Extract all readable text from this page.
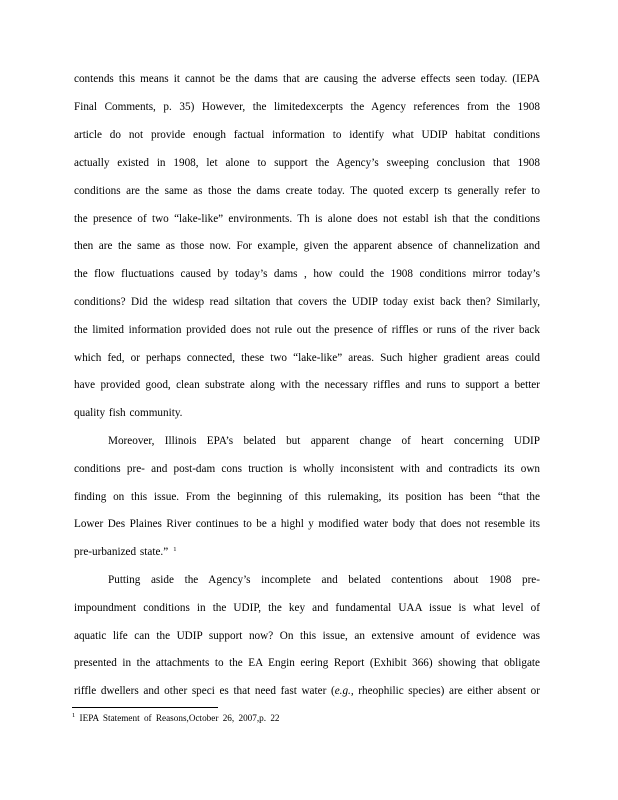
contends this means it cannot be the dams that are causing the adverse effects seen today. (IEPA
Final Comments, p. 35) However, the limitedexcerpts the Agency references from the 1908
article do not provide enough factual information to identify what UDIP habitat conditions
actually existed in 1908, let alone to support the Agency’s sweeping conclusion that 1908
conditions are the same as those the dams create today. The quoted excerp ts generally refer to
the presence of two “lake-like” environments. Th is alone does not establ ish that the conditions
then are the same as those now. For example, given the apparent absence of channelization and
the flow fluctuations caused by today’s dams , how could the 1908 conditions mirror today’s
conditions? Did the widesp read siltation that covers the UDIP today exist back then? Similarly,
the limited information provided does not rule out the presence of riffles or runs of the river back
which fed, or perhaps connected, these two “lake-like” areas. Such higher gradient areas could
have provided good, clean substrate along with the necessary riffles and runs to support a better
quality fish community.
Moreover, Illinois EPA’s belated but apparent change of heart concerning UDIP
conditions pre- and post-dam cons truction is wholly inconsistent with and contradicts its own
finding on this issue. From the beginning of this rulemaking, its position has been “that the
Lower Des Plaines River continues to be a highl y modified water body that does not resemble its
pre-urbanized state.” $^1$
Putting aside the Agency’s incomplete and belated contentions about 1908 pre-
impoundment conditions in the UDIP, the key and fundamental UAA issue is what level of
aquatic life can the UDIP support now? On this issue, an extensive amount of evidence was
presented in the attachments to the EA Engin eering Report (Exhibit 366) showing that obligate
riffle dwellers and other speci es that need fast water (e.g., rheophilic species) are either absent or
$^1$ IEPA Statement of Reasons,October 26, 2007,p. 22
